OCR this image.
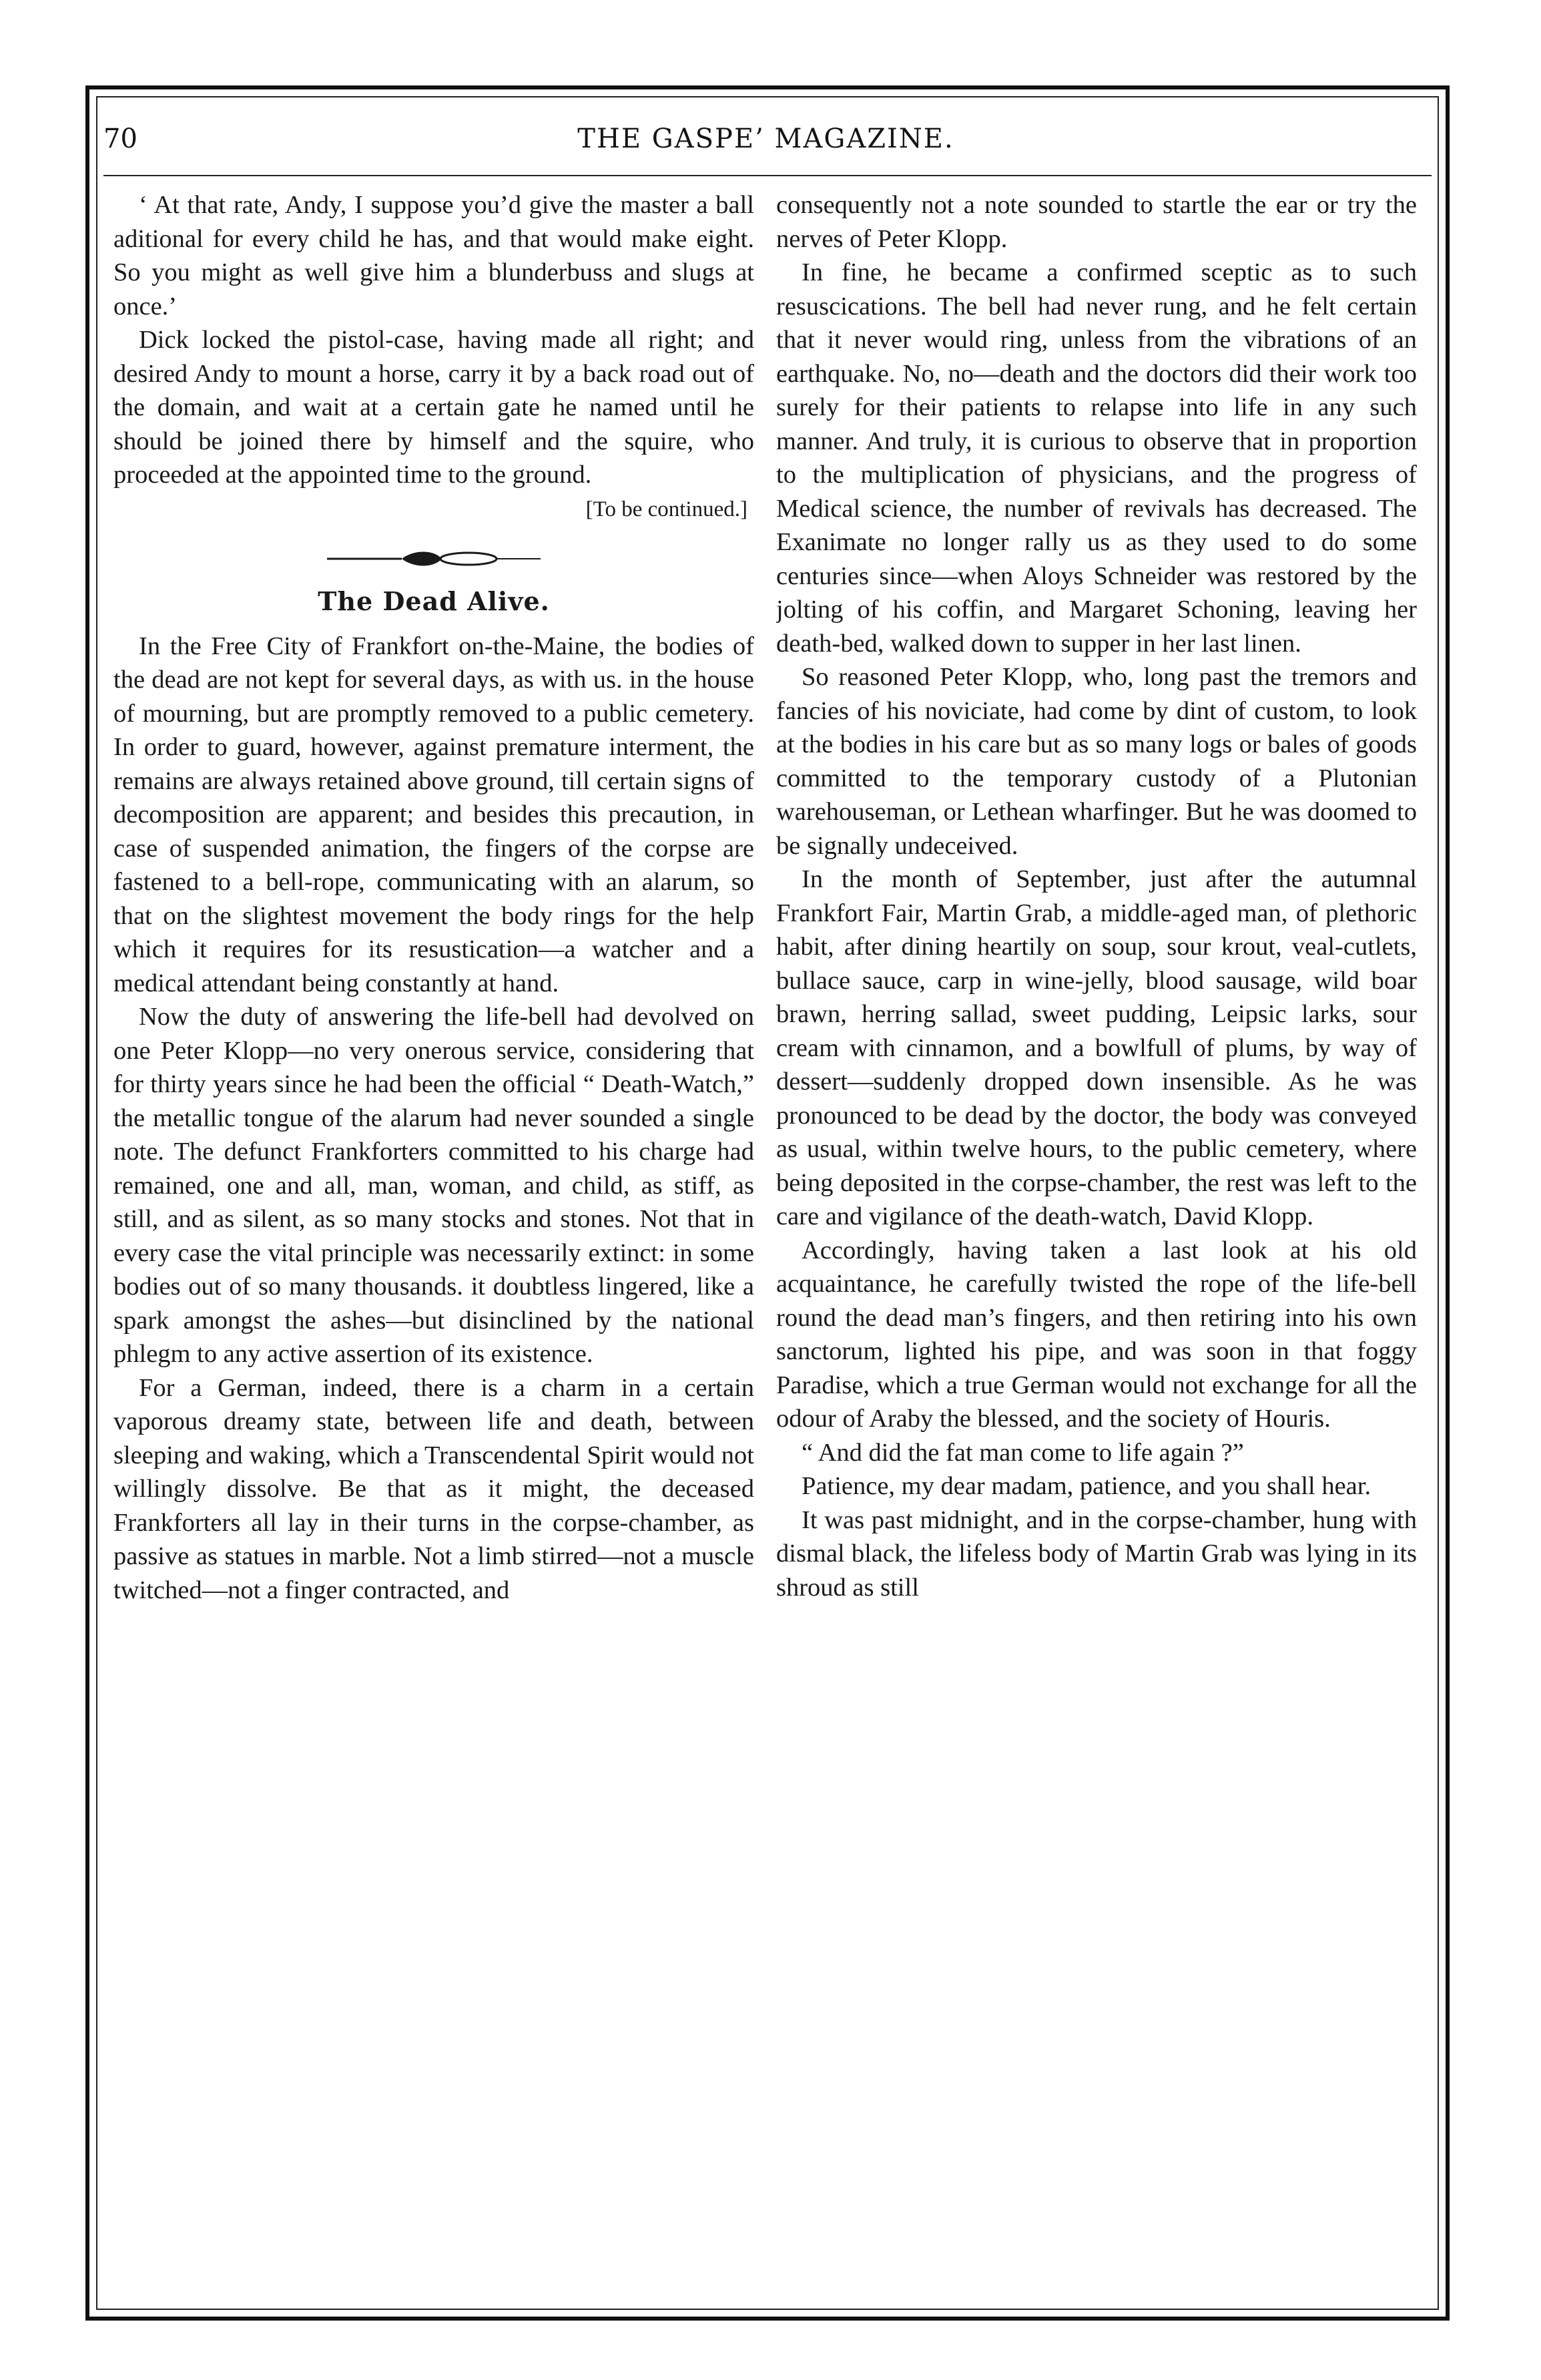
70	THE GASPE’ MAGAZINE.

‘ At that rate, Andy, I suppose you’d give the master a ball aditional for every child he has, and that would make eight. So you might as well give him a blunderbuss and slugs at once.’

Dick locked the pistol-case, having made all right; and desired Andy to mount a horse, carry it by a back road out of the domain, and wait at a certain gate he named until he should be joined there by himself and the squire, who proceeded at the appointed time to the ground.

[To be continued.]
The Dead Alive.

In the Free City of Frankfort on-the-Maine, the bodies of the dead are not kept for several days, as with us. in the house of mourning, but are promptly removed to a public cemetery. In order to guard, however, against premature interment, the remains are always retained above ground, till certain signs of decomposition are apparent; and besides this precaution, in case of suspended animation, the fingers of the corpse are fastened to a bell-rope, communicating with an alarum, so that on the slightest movement the body rings for the help which it requires for its resustication—a watcher and a medical attendant being constantly at hand.

Now the duty of answering the life-bell had devolved on one Peter Klopp—no very onerous service, considering that for thirty years since he had been the official “ Death-Watch,” the metallic tongue of the alarum had never sounded a single note. The defunct Frankforters committed to his charge had remained, one and all, man, woman, and child, as stiff, as still, and as silent, as so many stocks and stones. Not that in every case the vital principle was necessarily extinct: in some bodies out of so many thousands. it doubtless lingered, like a spark amongst the ashes—but disinclined by the national phlegm to any active assertion of its existence.

For a German, indeed, there is a charm in a certain vaporous dreamy state, between life and death, between sleeping and waking, which a Transcendental Spirit would not willingly dissolve. Be that as it might, the deceased Frankforters all lay in their turns in the corpse-chamber, as passive as statues in marble. Not a limb stirred—not a muscle twitched—not a finger contracted, and

consequently not a note sounded to startle the ear or try the nerves of Peter Klopp.

In fine, he became a confirmed sceptic as to such resuscications. The bell had never rung, and he felt certain that it never would ring, unless from the vibrations of an earthquake. No, no—death and the doctors did their work too surely for their patients to relapse into life in any such manner. And truly, it is curious to observe that in proportion to the multiplication of physicians, and the progress of Medical science, the number of revivals has decreased. The Exanimate no longer rally us as they used to do some centuries since—when Aloys Schneider was restored by the jolting of his coffin, and Margaret Schoning, leaving her death-bed, walked down to supper in her last linen.

So reasoned Peter Klopp, who, long past the tremors and fancies of his noviciate, had come by dint of custom, to look at the bodies in his care but as so many logs or bales of goods committed to the temporary custody of a Plutonian warehouseman, or Lethean wharfinger. But he was doomed to be signally undeceived.

In the month of September, just after the autumnal Frankfort Fair, Martin Grab, a middle-aged man, of plethoric habit, after dining heartily on soup, sour krout, veal-cutlets, bullace sauce, carp in wine-jelly, blood sausage, wild boar brawn, herring sallad, sweet pudding, Leipsic larks, sour cream with cinnamon, and a bowlfull of plums, by way of dessert—suddenly dropped down insensible. As he was pronounced to be dead by the doctor, the body was conveyed as usual, within twelve hours, to the public cemetery, where being deposited in the corpse-chamber, the rest was left to the care and vigilance of the death-watch, David Klopp.

Accordingly, having taken a last look at his old acquaintance, he carefully twisted the rope of the life-bell round the dead man’s fingers, and then retiring into his own sanctorum, lighted his pipe, and was soon in that foggy Paradise, which a true German would not exchange for all the odour of Araby the blessed, and the society of Houris.

“ And did the fat man come to life again ?”

Patience, my dear madam, patience, and you shall hear.

It was past midnight, and in the corpse-chamber, hung with dismal black, the lifeless body of Martin Grab was lying in its shroud as still
